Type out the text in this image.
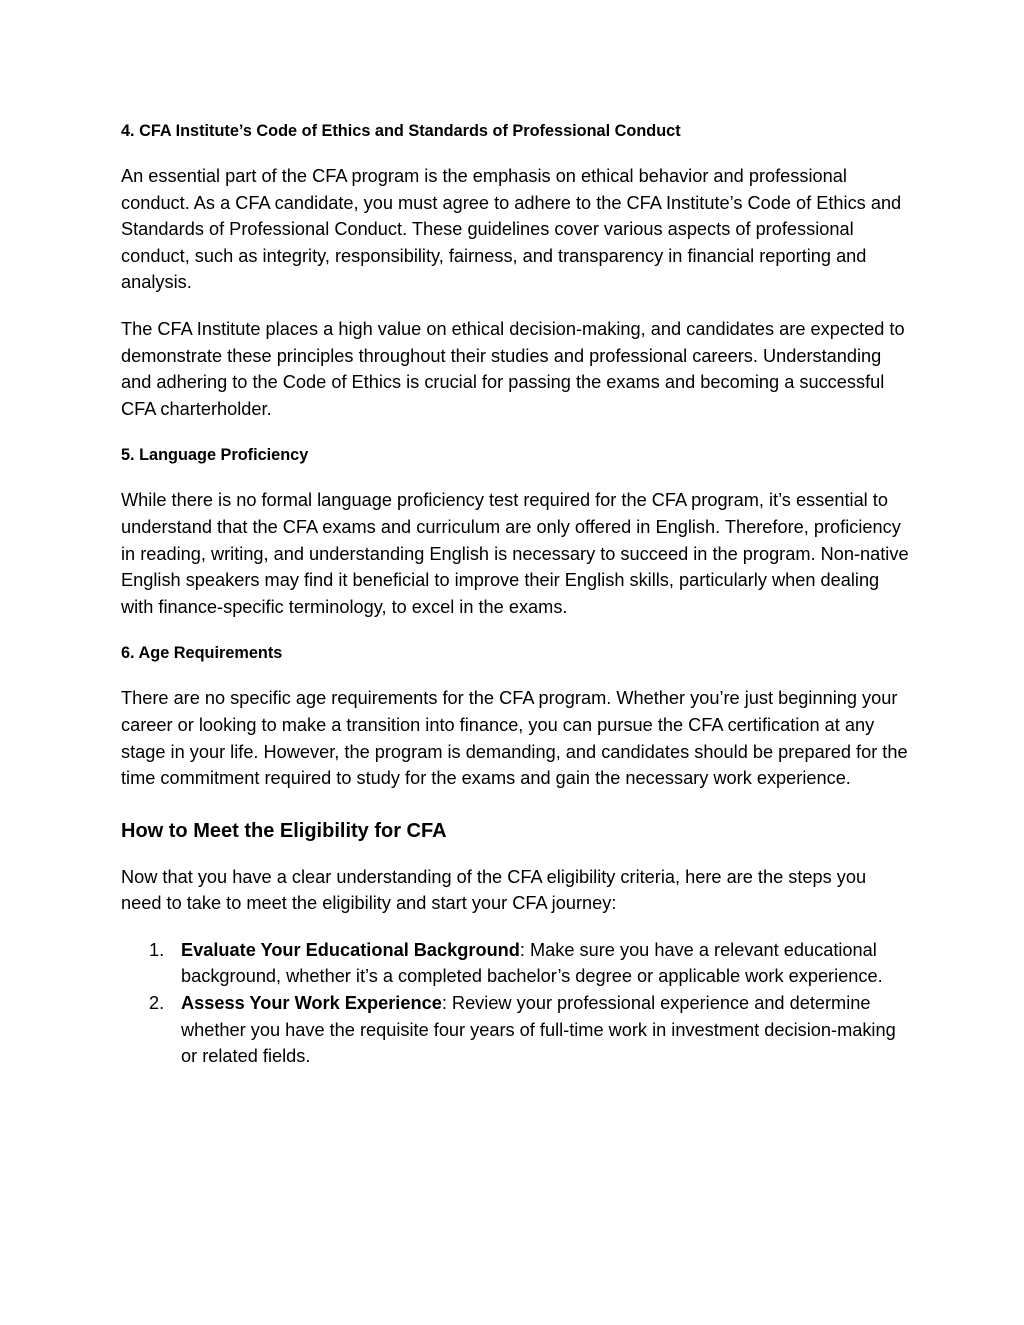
4. CFA Institute’s Code of Ethics and Standards of Professional Conduct

An essential part of the CFA program is the emphasis on ethical behavior and professional conduct. As a CFA candidate, you must agree to adhere to the CFA Institute’s Code of Ethics and Standards of Professional Conduct. These guidelines cover various aspects of professional conduct, such as integrity, responsibility, fairness, and transparency in financial reporting and analysis.

The CFA Institute places a high value on ethical decision-making, and candidates are expected to demonstrate these principles throughout their studies and professional careers. Understanding and adhering to the Code of Ethics is crucial for passing the exams and becoming a successful CFA charterholder.

5. Language Proficiency

While there is no formal language proficiency test required for the CFA program, it’s essential to understand that the CFA exams and curriculum are only offered in English. Therefore, proficiency in reading, writing, and understanding English is necessary to succeed in the program. Non-native English speakers may find it beneficial to improve their English skills, particularly when dealing with finance-specific terminology, to excel in the exams.

6. Age Requirements

There are no specific age requirements for the CFA program. Whether you’re just beginning your career or looking to make a transition into finance, you can pursue the CFA certification at any stage in your life. However, the program is demanding, and candidates should be prepared for the time commitment required to study for the exams and gain the necessary work experience.

How to Meet the Eligibility for CFA

Now that you have a clear understanding of the CFA eligibility criteria, here are the steps you need to take to meet the eligibility and start your CFA journey:

1. Evaluate Your Educational Background: Make sure you have a relevant educational background, whether it’s a completed bachelor’s degree or applicable work experience.
2. Assess Your Work Experience: Review your professional experience and determine whether you have the requisite four years of full-time work in investment decision-making or related fields.
